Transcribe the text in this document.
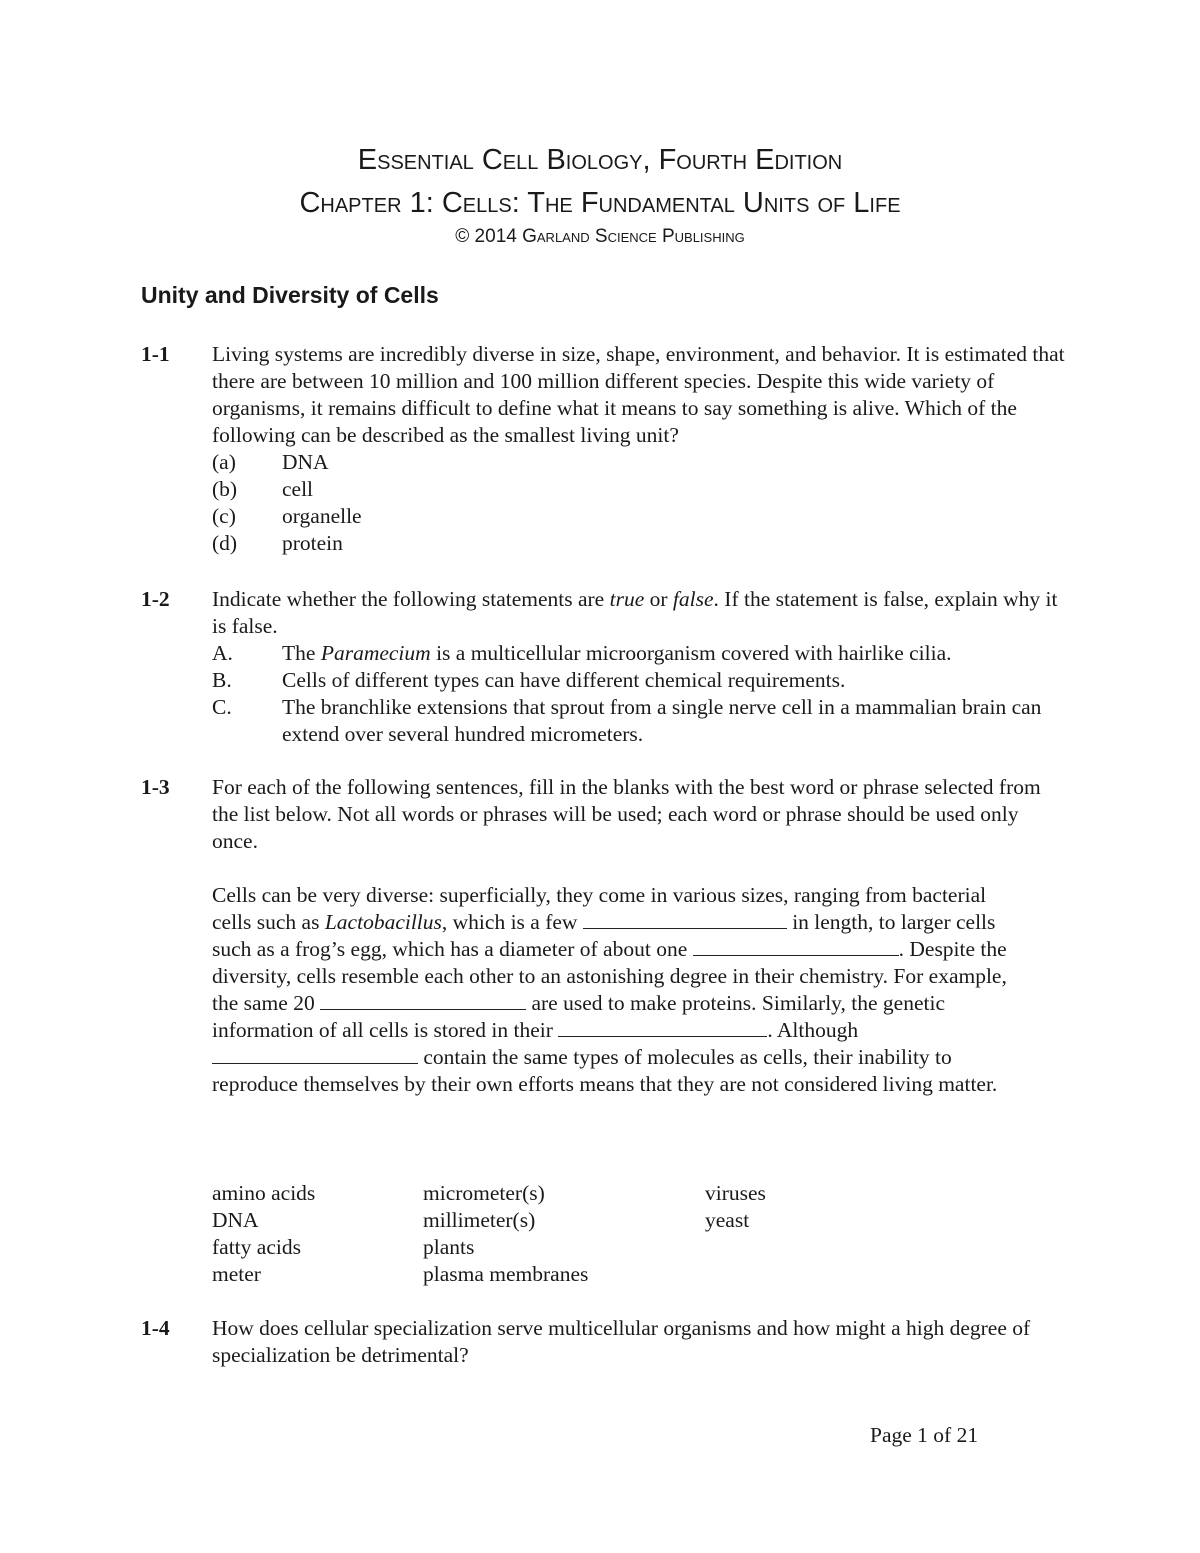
Essential Cell Biology, Fourth Edition
Chapter 1: Cells: The Fundamental Units of Life
© 2014 Garland Science Publishing
Unity and Diversity of Cells
1-1 Living systems are incredibly diverse in size, shape, environment, and behavior. It is estimated that there are between 10 million and 100 million different species. Despite this wide variety of organisms, it remains difficult to define what it means to say something is alive. Which of the following can be described as the smallest living unit?
(a) DNA
(b) cell
(c) organelle
(d) protein
1-2 Indicate whether the following statements are true or false. If the statement is false, explain why it is false.
A. The Paramecium is a multicellular microorganism covered with hairlike cilia.
B. Cells of different types can have different chemical requirements.
C. The branchlike extensions that sprout from a single nerve cell in a mammalian brain can extend over several hundred micrometers.
1-3 For each of the following sentences, fill in the blanks with the best word or phrase selected from the list below. Not all words or phrases will be used; each word or phrase should be used only once.
Cells can be very diverse: superficially, they come in various sizes, ranging from bacterial cells such as Lactobacillus, which is a few	in length, to larger cells such as a frog’s egg, which has a diameter of about one	. Despite the diversity, cells resemble each other to an astonishing degree in their chemistry. For example, the same 20	are used to make proteins. Similarly, the genetic information of all cells is stored in their	. Although  contain the same types of molecules as cells, their inability to reproduce themselves by their own efforts means that they are not considered living matter.
amino acids	micrometer(s)	viruses
DNA	millimeter(s)	yeast
fatty acids	plants
meter	plasma membranes
1-4 How does cellular specialization serve multicellular organisms and how might a high degree of specialization be detrimental?
Page 1 of 21
